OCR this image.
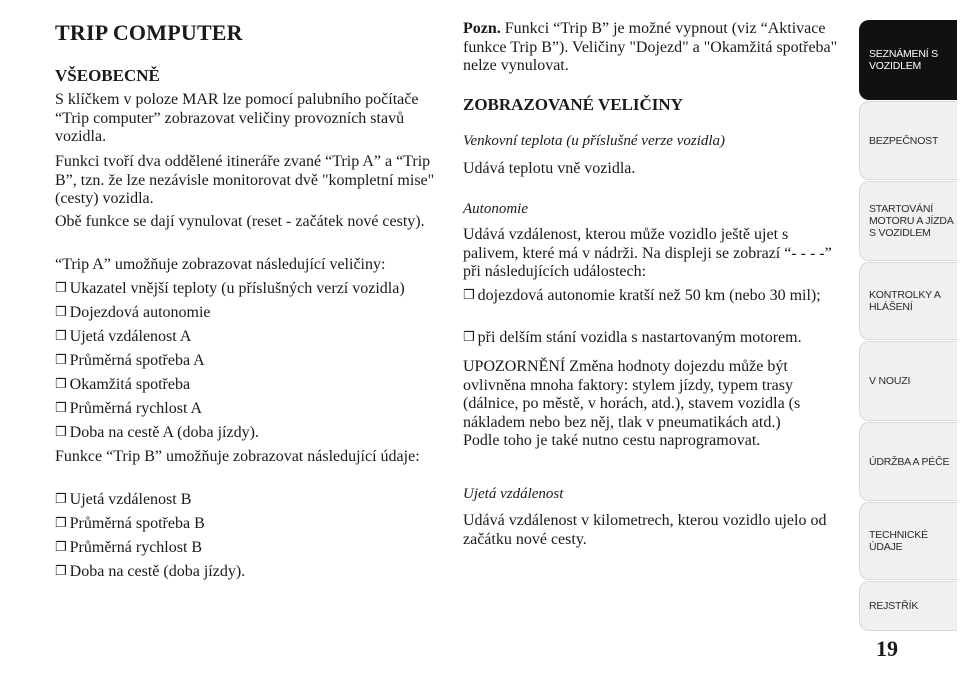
TRIP COMPUTER
VŠEOBECNĚ

S klíčkem v poloze MAR lze pomocí palubního počítače “Trip computer” zobrazovat veličiny provozních stavů vozidla.

Funkci tvoří dva oddělené itineráře zvané “Trip A” a “Trip B”, tzn. že lze nezávisle monitorovat dvě "kompletní mise" (cesty) vozidla.

Obě funkce se dají vynulovat (reset - začátek nové cesty).

“Trip A” umožňuje zobrazovat následující veličiny:

❒ Ukazatel vnější teploty (u příslušných verzí vozidla)
❒ Dojezdová autonomie
❒ Ujetá vzdálenost A
❒ Průměrná spotřeba A
❒ Okamžitá spotřeba
❒ Průměrná rychlost A
❒ Doba na cestě A (doba jízdy).

Funkce “Trip B” umožňuje zobrazovat následující údaje:

❒ Ujetá vzdálenost B
❒ Průměrná spotřeba B
❒ Průměrná rychlost B
❒ Doba na cestě (doba jízdy).

Pozn. Funkci “Trip B” je možné vypnout (viz “Aktivace funkce Trip B”). Veličiny "Dojezd" a "Okamžitá spotřeba" nelze vynulovat.

ZOBRAZOVANÉ VELIČINY

Venkovní teplota (u příslušné verze vozidla)

Udává teplotu vně vozidla.

Autonomie

Udává vzdálenost, kterou může vozidlo ještě ujet s palivem, které má v nádrži. Na displeji se zobrazí “- - - -” při následujících událostech:

❒ dojezdová autonomie kratší než 50 km (nebo 30 mil);
❒ při delším stání vozidla s nastartovaným motorem.

UPOZORNĚNÍ Změna hodnoty dojezdu může být ovlivněna mnoha faktory: stylem jízdy, typem trasy (dálnice, po městě, v horách, atd.), stavem vozidla (s nákladem nebo bez něj, tlak v pneumatikách atd.) Podle toho je také nutno cestu naprogramovat.

Ujetá vzdálenost

Udává vzdálenost v kilometrech, kterou vozidlo ujelo od začátku nové cesty.

SEZNÁMENÍ S
VOZIDLEM
BEZPEČNOST
STARTOVÁNÍ
MOTORU A JÍZDA
S VOZIDLEM
KONTROLKY A
HLÁŠENÍ
V NOUZI
ÚDRŽBA A PÉČE
TECHNICKÉ
ÚDAJE
REJSTŘÍK
19
